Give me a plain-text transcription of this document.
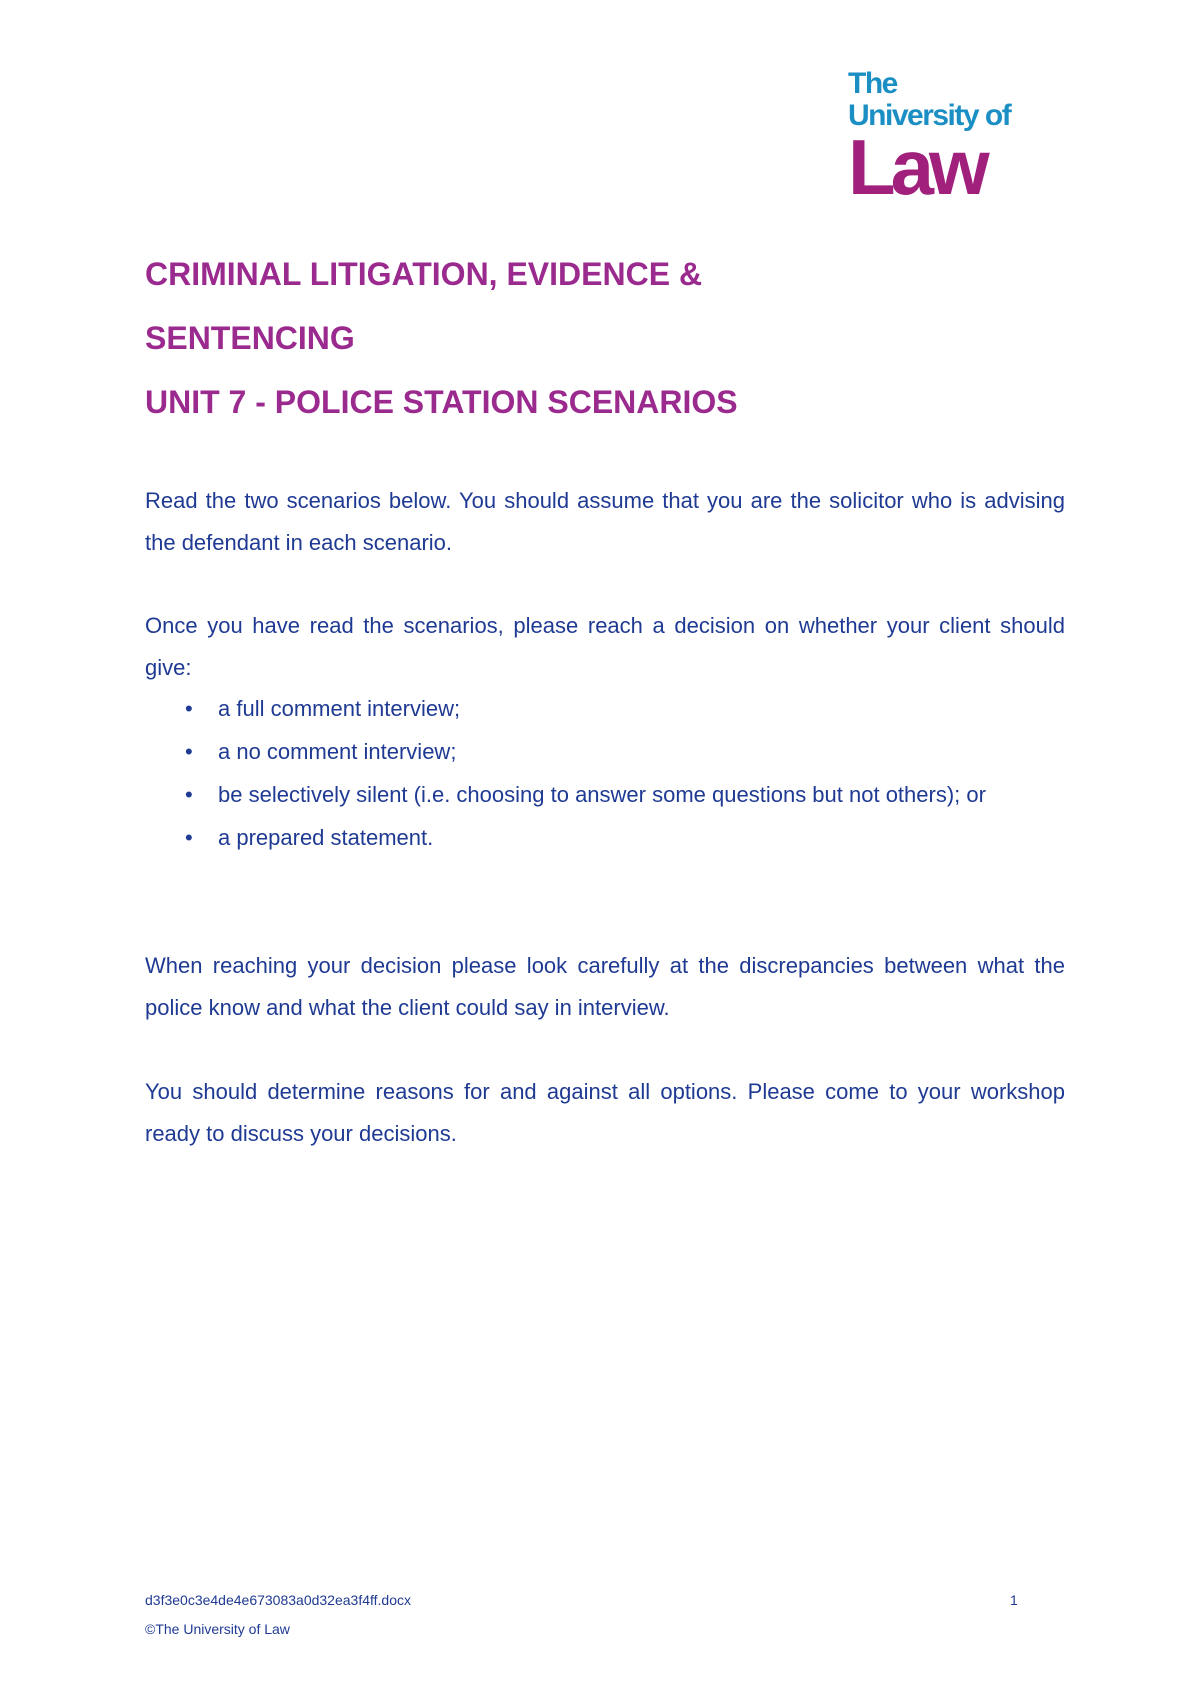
The
University of
Law
CRIMINAL LITIGATION, EVIDENCE &
SENTENCING
UNIT 7 - POLICE STATION SCENARIOS

Read the two scenarios below. You should assume that you are the solicitor who is advising the defendant in each scenario.

Once you have read the scenarios, please reach a decision on whether your client should give:

• a full comment interview;
• a no comment interview;
• be selectively silent (i.e. choosing to answer some questions but not others); or
• a prepared statement.

When reaching your decision please look carefully at the discrepancies between what the police know and what the client could say in interview.

You should determine reasons for and against all options. Please come to your workshop ready to discuss your decisions.

d3f3e0c3e4de4e673083a0d32ea3f4ff.docx	1
©The University of Law
